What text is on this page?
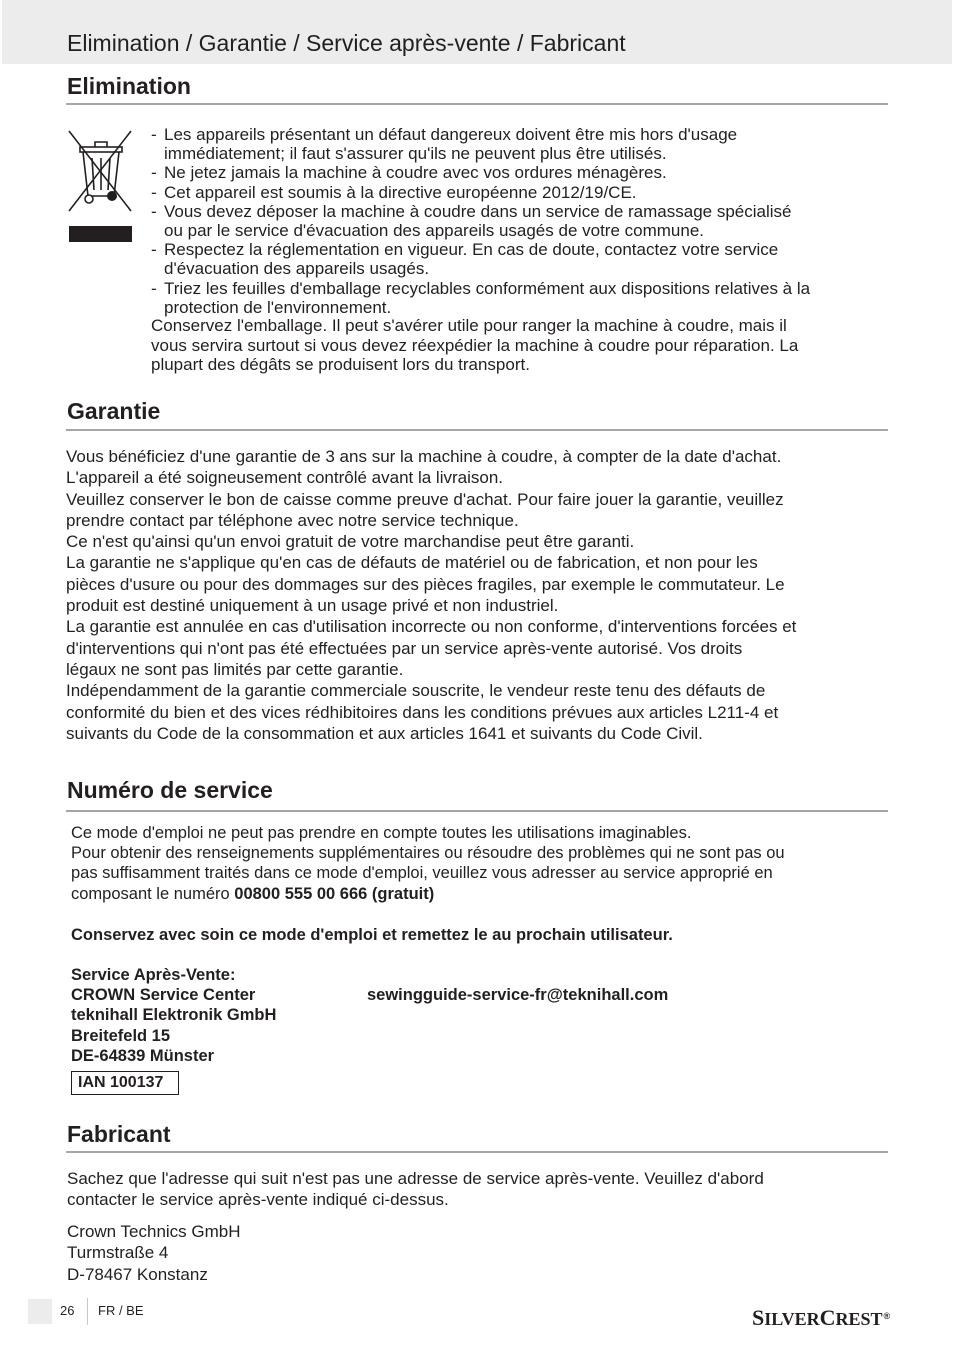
Elimination / Garantie / Service après-vente / Fabricant
Elimination
- Les appareils présentant un défaut dangereux doivent être mis hors d'usage
immédiatement; il faut s'assurer qu'ils ne peuvent plus être utilisés.
- Ne jetez jamais la machine à coudre avec vos ordures ménagères.
- Cet appareil est soumis à la directive européenne 2012/19/CE.
- Vous devez déposer la machine à coudre dans un service de ramassage spécialisé
ou par le service d'évacuation des appareils usagés de votre commune.
- Respectez la réglementation en vigueur. En cas de doute, contactez votre service
d'évacuation des appareils usagés.
- Triez les feuilles d'emballage recyclables conformément aux dispositions relatives à la
protection de l'environnement.
Conservez l'emballage. Il peut s'avérer utile pour ranger la machine à coudre, mais il
vous servira surtout si vous devez réexpédier la machine à coudre pour réparation. La
plupart des dégâts se produisent lors du transport.
Garantie
Vous bénéficiez d'une garantie de 3 ans sur la machine à coudre, à compter de la date d'achat.
L'appareil a été soigneusement contrôlé avant la livraison.
Veuillez conserver le bon de caisse comme preuve d'achat. Pour faire jouer la garantie, veuillez
prendre contact par téléphone avec notre service technique.
Ce n'est qu'ainsi qu'un envoi gratuit de votre marchandise peut être garanti.
La garantie ne s'applique qu'en cas de défauts de matériel ou de fabrication, et non pour les
pièces d'usure ou pour des dommages sur des pièces fragiles, par exemple le commutateur. Le
produit est destiné uniquement à un usage privé et non industriel.
La garantie est annulée en cas d'utilisation incorrecte ou non conforme, d'interventions forcées et
d'interventions qui n'ont pas été effectuées par un service après-vente autorisé. Vos droits
légaux ne sont pas limités par cette garantie.
Indépendamment de la garantie commerciale souscrite, le vendeur reste tenu des défauts de
conformité du bien et des vices rédhibitoires dans les conditions prévues aux articles L211-4 et
suivants du Code de la consommation et aux articles 1641 et suivants du Code Civil.
Numéro de service
Ce mode d'emploi ne peut pas prendre en compte toutes les utilisations imaginables.
Pour obtenir des renseignements supplémentaires ou résoudre des problèmes qui ne sont pas ou
pas suffisamment traités dans ce mode d'emploi, veuillez vous adresser au service approprié en
composant le numéro 00800 555 00 666 (gratuit)
Conservez avec soin ce mode d'emploi et remettez le au prochain utilisateur.
Service Après-Vente:
CROWN Service Center
teknihall Elektronik GmbH
Breitefeld 15
DE-64839 Münster
sewingguide-service-fr@teknihall.com
IAN 100137
Fabricant
Sachez que l'adresse qui suit n'est pas une adresse de service après-vente. Veuillez d'abord
contacter le service après-vente indiqué ci-dessus.
Crown Technics GmbH
Turmstraße 4
D-78467 Konstanz
26 FR / BE	SILVERCREST®
